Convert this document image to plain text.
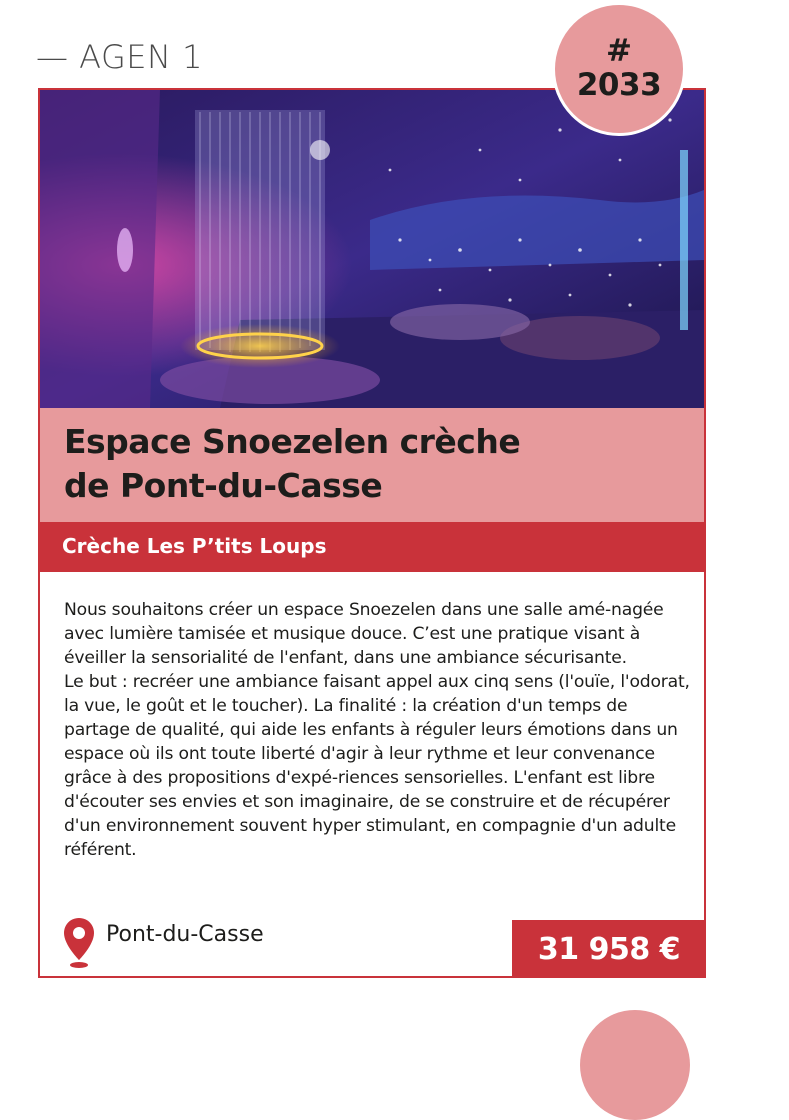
— AGEN 1
Espace Snoezelen crèche
de Pont-du-Casse

Crèche Les P’tits Loups

Nous souhaitons créer un espace Snoezelen dans une salle amé-nagée avec lumière tamisée et musique douce. C’est une pratique visant à éveiller la sensorialité de l'enfant, dans une ambiance sécurisante.

Le but : recréer une ambiance faisant appel aux cinq sens (l'ouïe, l'odorat, la vue, le goût et le toucher). La finalité : la création d'un temps de partage de qualité, qui aide les enfants à réguler leurs émotions dans un espace où ils ont toute liberté d'agir à leur rythme et leur convenance grâce à des propositions d'expé-riences sensorielles. L'enfant est libre d'écouter ses envies et son imaginaire, de se construire et de récupérer d'un environnement souvent hyper stimulant, en compagnie d'un adulte référent.

Pont-du-Casse	31 958 €
#
2033
